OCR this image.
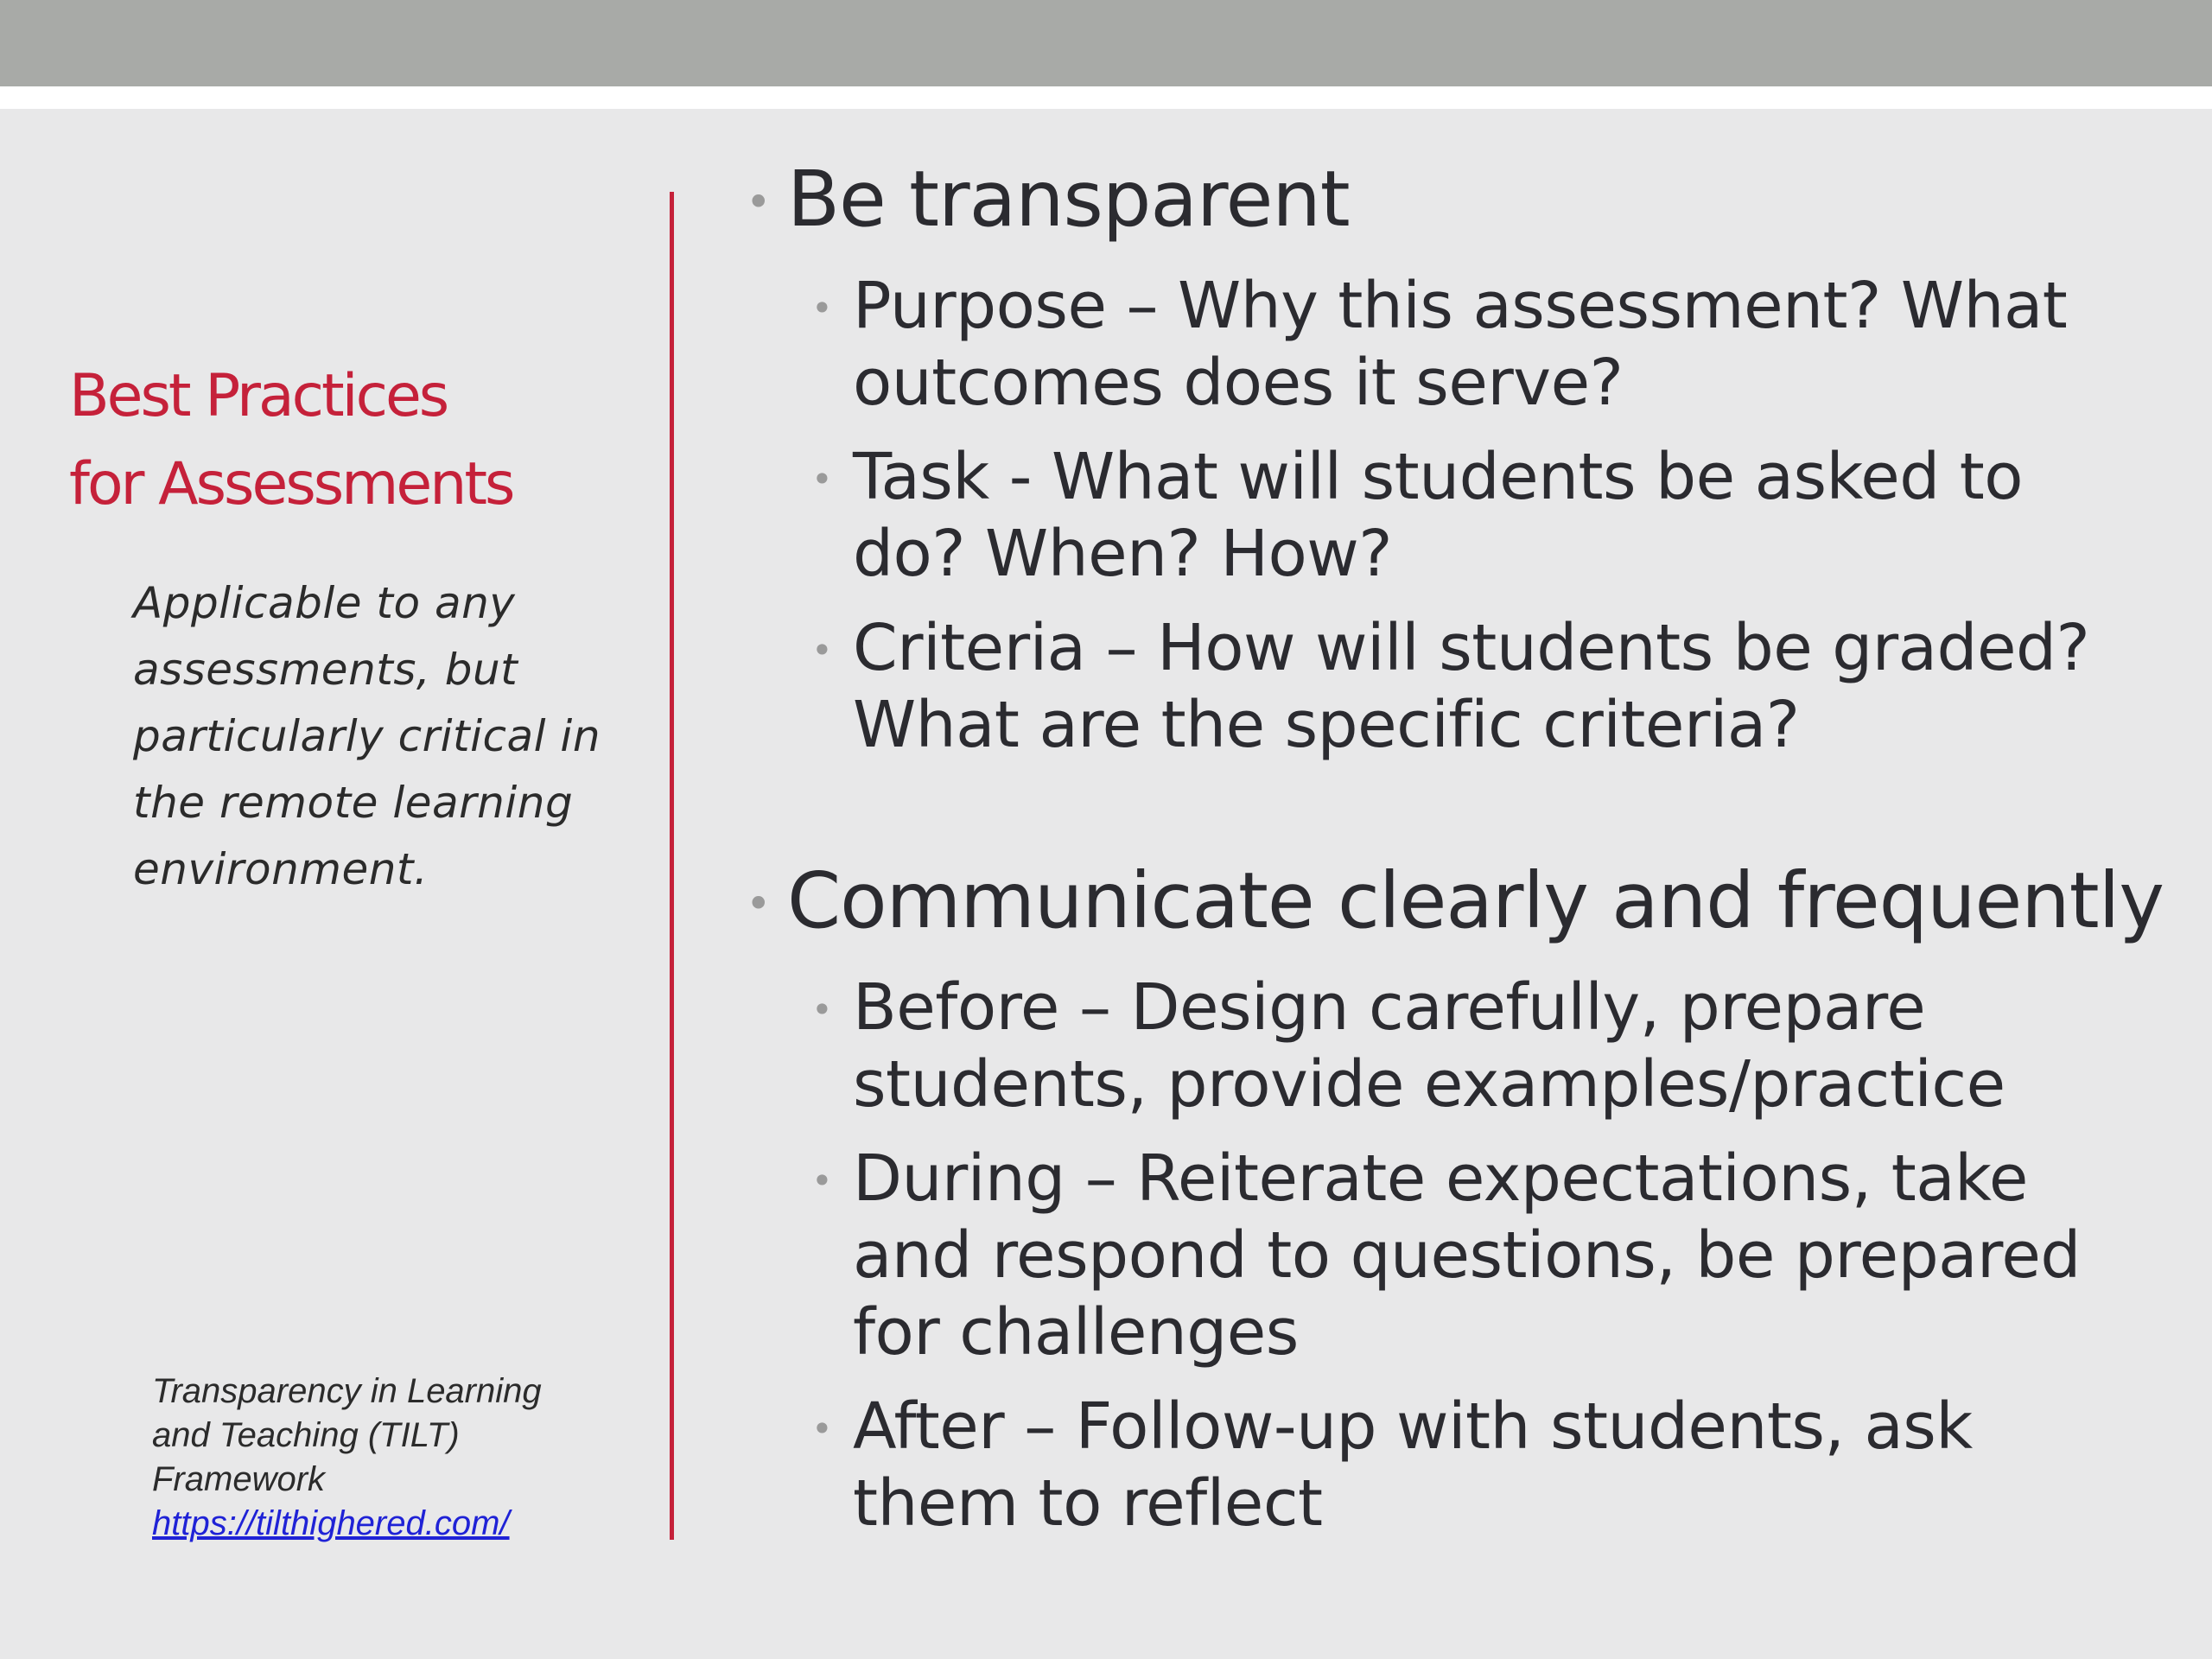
Best Practices
for Assessments

Applicable to any
assessments, but
particularly critical in
the remote learning
environment.

Transparency in Learning
and Teaching (TILT)
Framework
https://tilthighered.com/

• Be transparent
• Purpose – Why this assessment? What
outcomes does it serve?
• Task - What will students be asked to
do? When? How?
• Criteria – How will students be graded?
What are the specific criteria?
• Communicate clearly and frequently
• Before – Design carefully, prepare
students, provide examples/practice
• During – Reiterate expectations, take
and respond to questions, be prepared
for challenges
• After – Follow-up with students, ask
them to reflect
